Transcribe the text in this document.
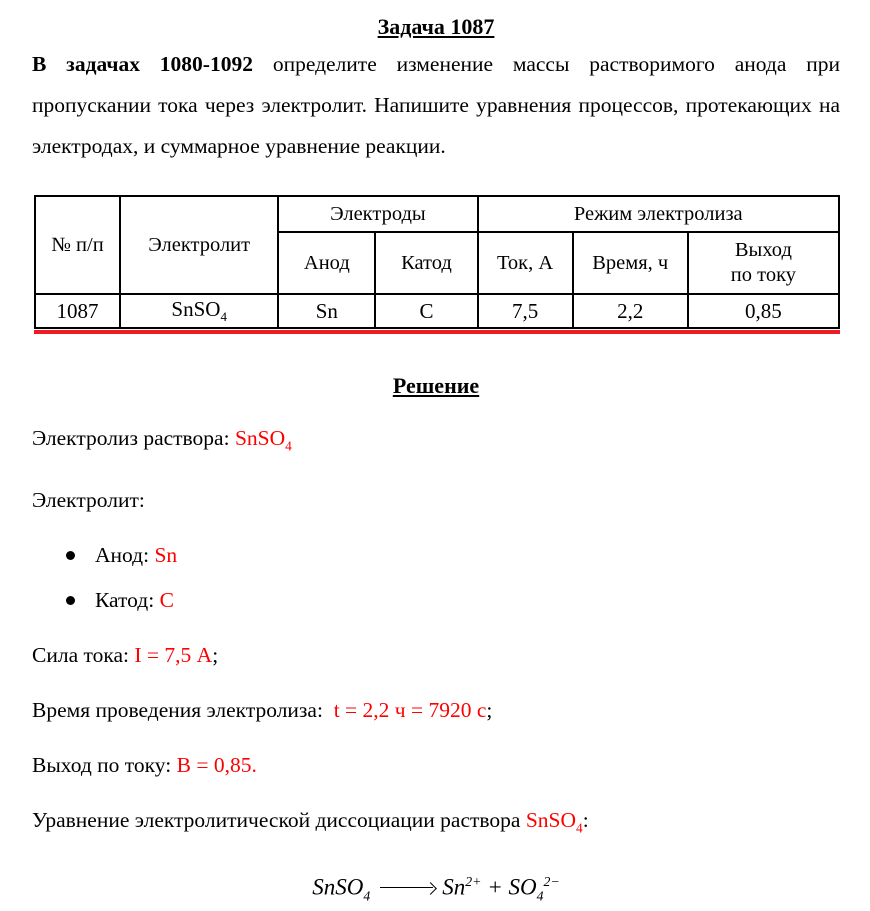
Задача 1087

В задачах 1080-1092 определите изменение массы растворимого анода при пропускании тока через электролит. Напишите уравнения процессов, протекающих на электродах, и суммарное уравнение реакции.

№ п/п	Электролит	Электроды		Режим электролиза		
		Анод	Катод	Ток, А	Время, ч	Выход
по току
1087	SnSO$_4$	Sn	C	7,5	2,2	0,85

Решение

Электролиз раствора: SnSO$_4$

Электролит:

Анод: Sn
Катод: C

Сила тока: I = 7,5 А;

Время проведения электролиза:  t = 2,2 ч = 7920 с;

Выход по току: В = 0,85.

Уравнение электролитической диссоциации раствора SnSO$_4$:

SnSO$_4$	$Sn^{2+} + SO_4^{2-}$
